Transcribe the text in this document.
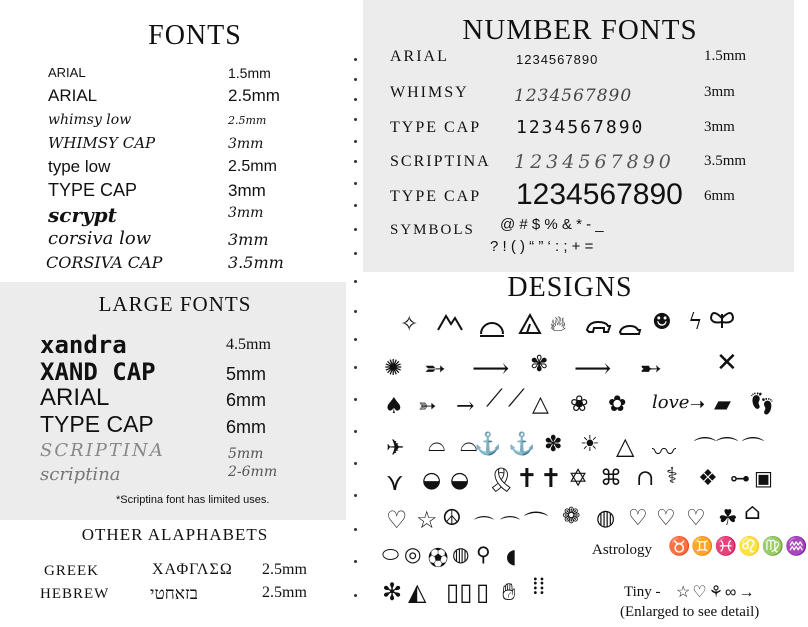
FONTS
ARIAL	1.5mm
ARIAL	2.5mm
whimsy low	2.5mm
WHIMSY CAP	3mm
type low	2.5mm
TYPE CAP	3mm
scrypt	3mm
corsiva low	3mm
CORSIVA CAP	3.5mm
LARGE FONTS
xandra	4.5mm
XAND CAP	5mm
ARIAL	6mm
TYPE CAP	6mm
SCRIPTINA	5mm
scriptina	2-6mm
*Scriptina font has limited uses.
OTHER ALAPHABETS
GREEK	ΧΑΦΓΛΣΩ 2.5mm
HEBREW בזאחטי	2.5mm
NUMBER FONTS
ARIAL	1234567890	1.5mm
WHIMSY	1234567890	3mm
TYPE CAP 1234567890	3mm
SCRIPTINA 1234567890 3.5mm
TYPE CAP 1234567890 6mm
SYMBOLS @ # $ % & * - _
? ! ( ) “ ” ‘ : ; + =
DESIGNS
✧	🔥︎	☻ ϟ
✺ ➵ ⟶ ✾ ⟶ ➸ ✕
♠ ➳ → ⟋ ⟋ △ ❀ ✿ love ➝ ▰ 👣︎
✈ ⌓ ⌓
⚓ ⚓ ✽ ☀ △ 〰 ⌒⌒ ⌒
⋎ ◒ ◒ 🎗︎ ✝ ✝ ✡ ⌘ ∩ ⚕ ❖ ⊶ ▣
♡ ☆ ☮ ⌒ ⌒ ⌒ ❁ ◍ ♡ ♡ ♡ ☘ ⌂
⬭ ◎ ⚽︎ ◍ ⚲ ◖	Astrology ♉♊♓♌♍♒
✻ ◭ ▯▯ ▯ ✋︎ ⁞⁞	Tiny - ☆♡⚘∞→
(Enlarged to see detail)
